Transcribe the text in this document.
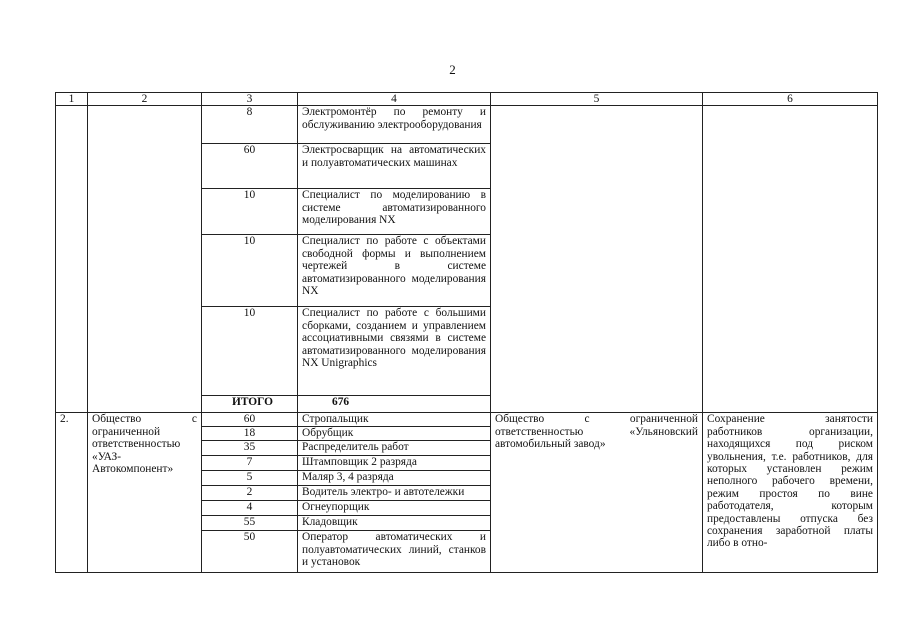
2
1	2	3	4	5	6	
		8	Электромонтёр по ремонту и обслуживанию электрооборудования			
		60	Электросварщик на автоматических и полуавтоматических машинах			
		10	Специалист по моделированию в системе автоматизированного моделирования NX			
		10	Специалист по работе с объектами свободной формы и выполнением чертежей в системе автоматизированного моделирования NX			
		10	Специалист по работе с большими сборками, созданием и управлением ассоциативными связями в системе автоматизированного моделирования NX Unigraphics			
		ИТОГО	676			
2.	Общество с ограниченной ответственностью «УАЗ-Автокомпонент»	60	Стропальщик	Общество с ограниченной ответственностью «Ульяновский автомобильный завод»	Сохранение занятости работников организации, находящихся под риском увольнения, т.е. работников, для которых установлен режим неполного рабочего времени, режим простоя по вине работодателя, которым предоставлены отпуска без сохранения заработной платы либо в отно-	
		18	Обрубщик			
		35	Распределитель работ			
		7	Штамповщик 2 разряда			
		5	Маляр 3, 4 разряда			
		2	Водитель электро- и автотележки			
		4	Огнеупорщик			
		55	Кладовщик			
		50	Оператор автоматических и полуавтоматических линий, станков и установок			
